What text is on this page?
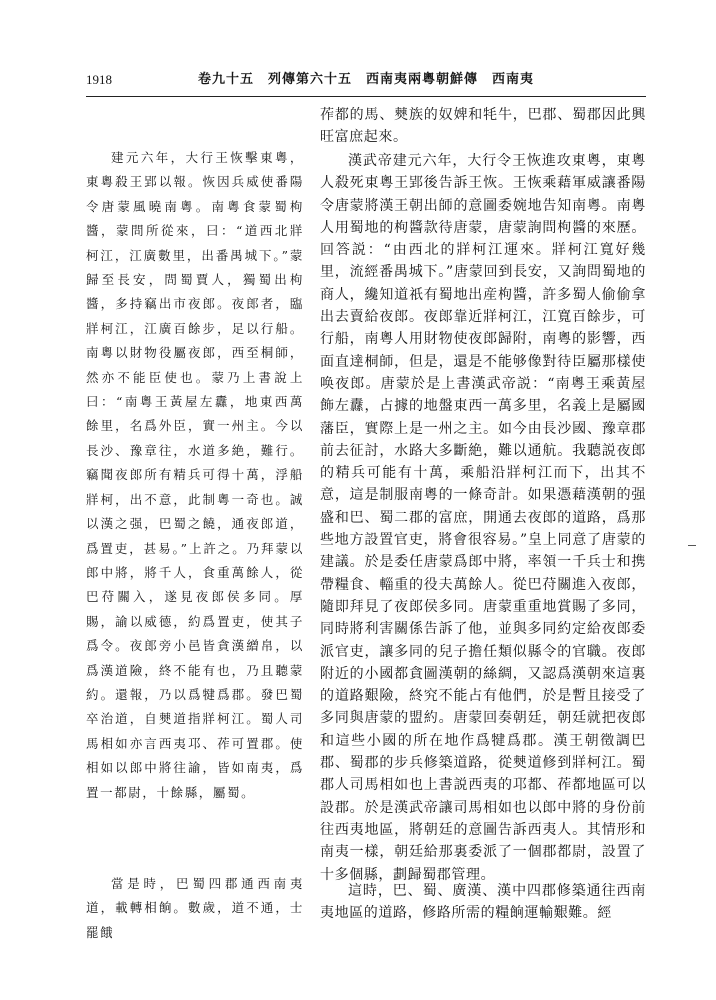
1918	卷九十五　列傳第六十五　西南夷兩粵朝鮮傳　西南夷

建元六年，大行王恢擊東粵，東粵殺王郢以報。恢因兵威使番陽令唐蒙風曉南粵。南粵食蒙蜀枸醬，蒙問所從來，曰：“道西北牂柯江，江廣數里，出番禺城下。”蒙歸至長安，問蜀賈人，獨蜀出枸醬，多持竊出市夜郎。夜郎者，臨牂柯江，江廣百餘步，足以行船。南粵以財物役屬夜郎，西至桐師，然亦不能臣使也。蒙乃上書說上曰：“南粵王黃屋左纛，地東西萬餘里，名爲外臣，實一州主。今以長沙、豫章往，水道多絶，難行。竊聞夜郎所有精兵可得十萬，浮船牂柯，出不意，此制粵一奇也。誠以漢之强，巴蜀之饒，通夜郎道，爲置吏，甚易。”上許之。乃拜蒙以郎中將，將千人，食重萬餘人，從巴苻關入，遂見夜郎侯多同。厚賜，諭以威德，約爲置吏，使其子爲令。夜郎旁小邑皆貪漢繒帛，以爲漢道險，終不能有也，乃且聽蒙約。還報，乃以爲犍爲郡。發巴蜀卒治道，自僰道指牂柯江。蜀人司馬相如亦言西夷邛、莋可置郡。使相如以郎中將往諭，皆如南夷，爲置一都尉，十餘縣，屬蜀。

當是時，巴蜀四郡通西南夷道，載轉相餉。數歲，道不通，士罷餓

莋都的馬、僰族的奴婢和牦牛，巴郡、蜀郡因此興旺富庶起來。

漢武帝建元六年，大行令王恢進攻東粵，東粵人殺死東粵王郢後告訴王恢。王恢乘藉軍威讓番陽令唐蒙將漢王朝出師的意圖委婉地告知南粵。南粵人用蜀地的枸醬款待唐蒙，唐蒙詢問枸醬的來歷。回答説：“由西北的牂柯江運來。牂柯江寬好幾里，流經番禺城下。”唐蒙回到長安，又詢問蜀地的商人，纔知道祇有蜀地出産枸醬，許多蜀人偷偷拿出去賣給夜郎。夜郎靠近牂柯江，江寬百餘步，可行船，南粵人用財物使夜郎歸附，南粵的影響，西面直達桐師，但是，還是不能够像對待臣屬那樣使唤夜郎。唐蒙於是上書漢武帝説：“南粵王乘黃屋飾左纛，占據的地盤東西一萬多里，名義上是屬國藩臣，實際上是一州之主。如今由長沙國、豫章郡前去征討，水路大多斷絶，難以通航。我聽説夜郎的精兵可能有十萬，乘船沿牂柯江而下，出其不意，這是制服南粵的一條奇計。如果憑藉漢朝的强盛和巴、蜀二郡的富庶，開通去夜郎的道路，爲那些地方設置官吏，將會很容易。”皇上同意了唐蒙的建議。於是委任唐蒙爲郎中將，率領一千兵士和携帶糧食、輜重的役夫萬餘人。從巴苻關進入夜郎，隨即拜見了夜郎侯多同。唐蒙重重地賞賜了多同，同時將利害關係告訴了他，並與多同約定給夜郎委派官吏，讓多同的兒子擔任類似縣令的官職。夜郎附近的小國都貪圖漢朝的絲綢，又認爲漢朝來這裏的道路艱險，終究不能占有他們，於是暫且接受了多同與唐蒙的盟約。唐蒙回奏朝廷，朝廷就把夜郎和這些小國的所在地作爲犍爲郡。漢王朝徵調巴郡、蜀郡的步兵修築道路，從僰道修到牂柯江。蜀郡人司馬相如也上書説西夷的邛都、莋都地區可以設郡。於是漢武帝讓司馬相如也以郎中將的身份前往西夷地區，將朝廷的意圖告訴西夷人。其情形和南夷一樣，朝廷給那裏委派了一個郡都尉，設置了十多個縣，劃歸蜀郡管理。

這時，巴、蜀、廣漢、漢中四郡修築通往西南夷地區的道路，修路所需的糧餉運輸艱難。經
